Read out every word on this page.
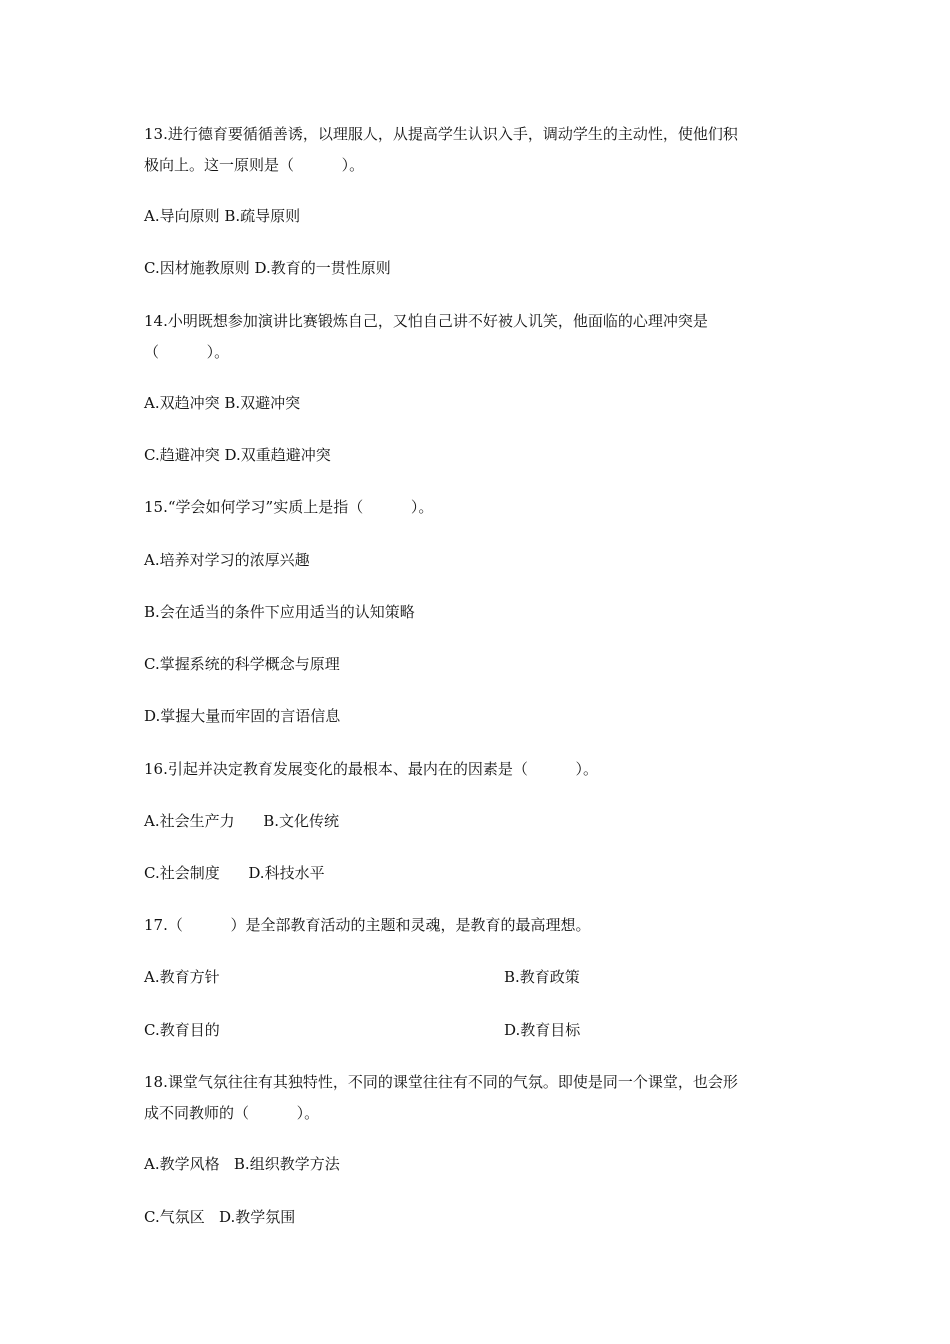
13.进行德育要循循善诱，以理服人，从提高学生认识入手，调动学生的主动性，使他们积
极向上。这一原则是（          ）。
A.导向原则 B.疏导原则
C.因材施教原则 D.教育的一贯性原则
14.小明既想参加演讲比赛锻炼自己，又怕自己讲不好被人讥笑，他面临的心理冲突是
（          ）。
A.双趋冲突 B.双避冲突
C.趋避冲突 D.双重趋避冲突
15.“学会如何学习”实质上是指（          ）。
A.培养对学习的浓厚兴趣
B.会在适当的条件下应用适当的认知策略
C.掌握系统的科学概念与原理
D.掌握大量而牢固的言语信息
16.引起并决定教育发展变化的最根本、最内在的因素是（          ）。
A.社会生产力      B.文化传统
C.社会制度      D.科技水平
17.（          ）是全部教育活动的主题和灵魂，是教育的最高理想。
A.教育方针	B.教育政策
C.教育目的	D.教育目标
18.课堂气氛往往有其独特性，不同的课堂往往有不同的气氛。即使是同一个课堂，也会形
成不同教师的（          ）。
A.教学风格   B.组织教学方法
C.气氛区   D.教学氛围
